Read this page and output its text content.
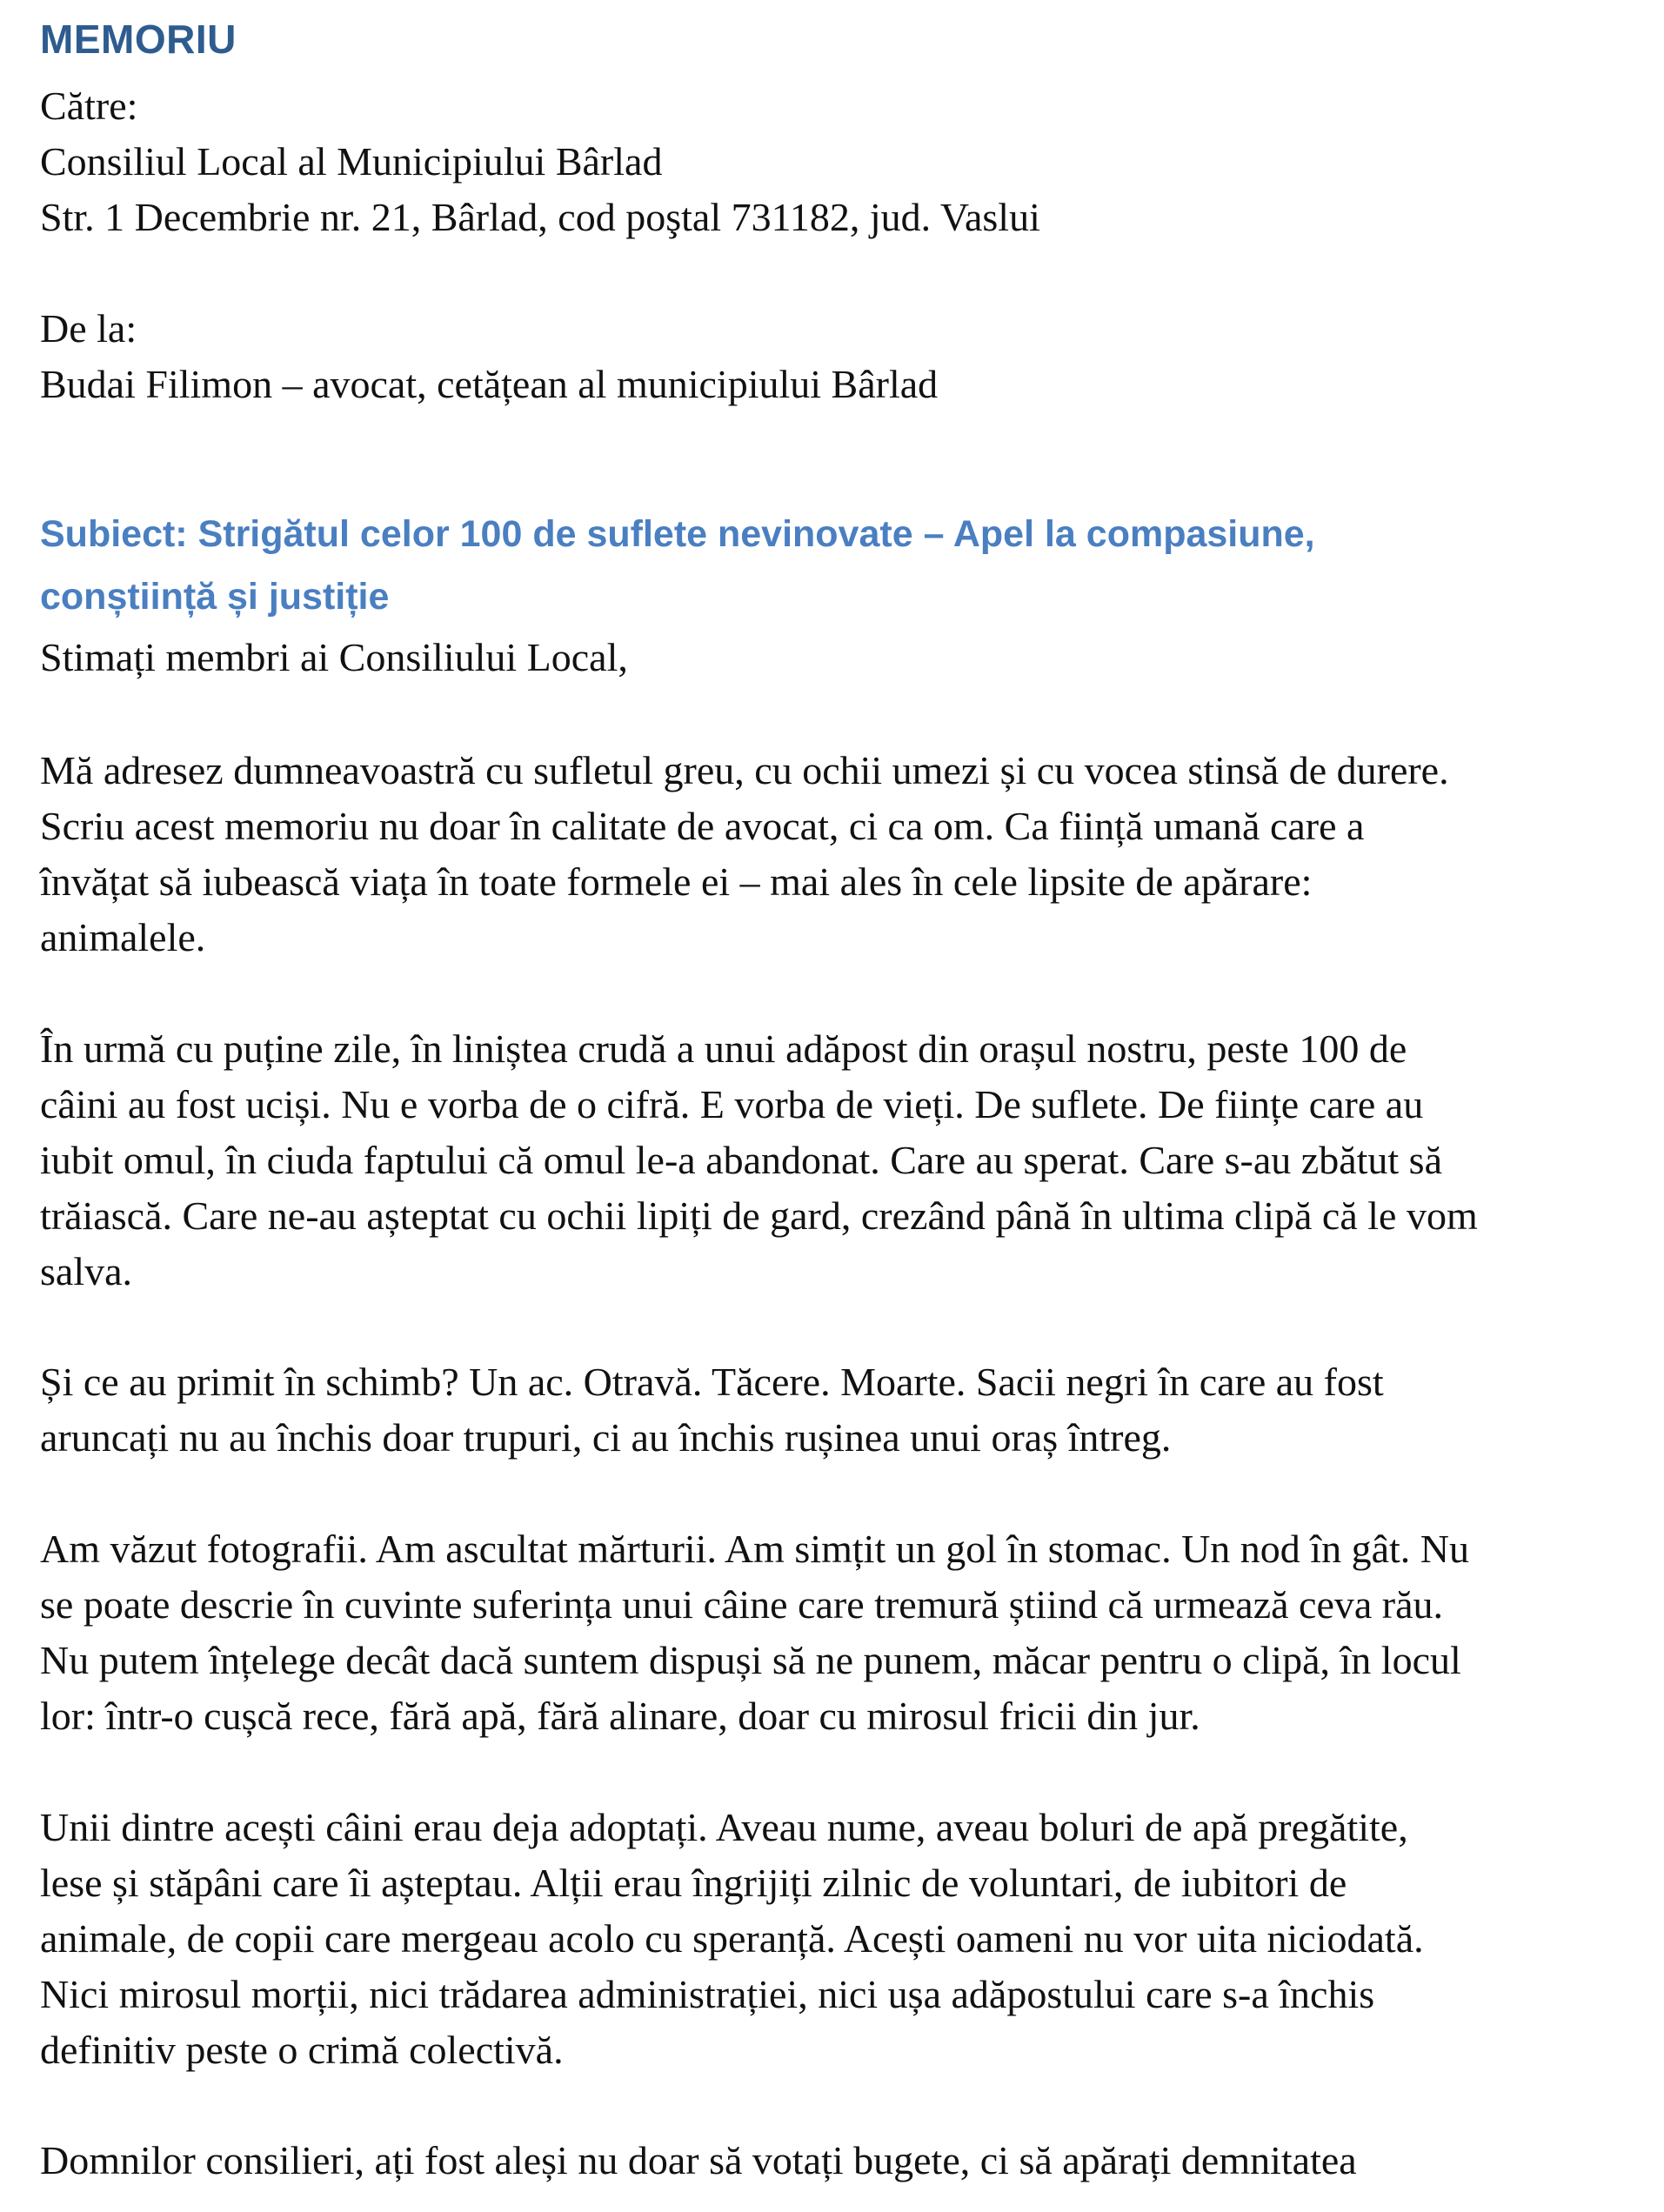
MEMORIU
Către:
Consiliul Local al Municipiului Bârlad
Str. 1 Decembrie nr. 21, Bârlad, cod poştal 731182, jud. Vaslui
De la:
Budai Filimon – avocat, cetățean al municipiului Bârlad
Subiect: Strigătul celor 100 de suflete nevinovate – Apel la compasiune,
conștiință și justiție
Stimați membri ai Consiliului Local,
Mă adresez dumneavoastră cu sufletul greu, cu ochii umezi și cu vocea stinsă de durere.
Scriu acest memoriu nu doar în calitate de avocat, ci ca om. Ca ființă umană care a
învățat să iubească viața în toate formele ei – mai ales în cele lipsite de apărare:
animalele.
În urmă cu puține zile, în liniștea crudă a unui adăpost din orașul nostru, peste 100 de
câini au fost uciși. Nu e vorba de o cifră. E vorba de vieți. De suflete. De ființe care au
iubit omul, în ciuda faptului că omul le-a abandonat. Care au sperat. Care s-au zbătut să
trăiască. Care ne-au așteptat cu ochii lipiți de gard, crezând până în ultima clipă că le vom
salva.
Și ce au primit în schimb? Un ac. Otravă. Tăcere. Moarte. Sacii negri în care au fost
aruncați nu au închis doar trupuri, ci au închis rușinea unui oraș întreg.
Am văzut fotografii. Am ascultat mărturii. Am simțit un gol în stomac. Un nod în gât. Nu
se poate descrie în cuvinte suferința unui câine care tremură știind că urmează ceva rău.
Nu putem înțelege decât dacă suntem dispuși să ne punem, măcar pentru o clipă, în locul
lor: într-o cușcă rece, fără apă, fără alinare, doar cu mirosul fricii din jur.
Unii dintre acești câini erau deja adoptați. Aveau nume, aveau boluri de apă pregătite,
lese și stăpâni care îi așteptau. Alții erau îngrijiți zilnic de voluntari, de iubitori de
animale, de copii care mergeau acolo cu speranță. Acești oameni nu vor uita niciodată.
Nici mirosul morții, nici trădarea administrației, nici ușa adăpostului care s-a închis
definitiv peste o crimă colectivă.
Domnilor consilieri, ați fost aleși nu doar să votați bugete, ci să apărați demnitatea
